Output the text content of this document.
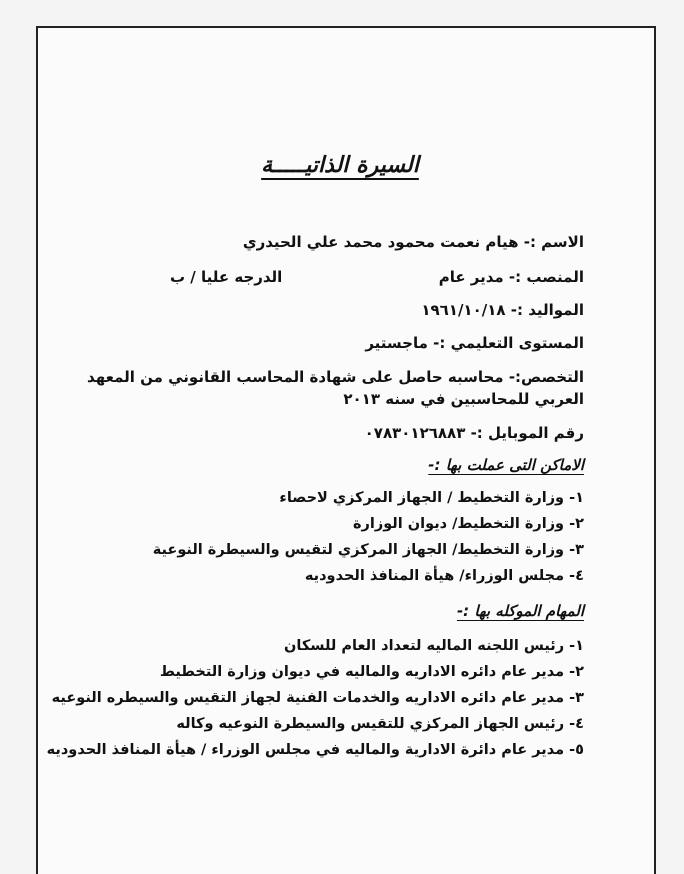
السيرة الذاتيـــــة
الاسم :- هيام نعمت محمود محمد علي الحيدري
المنصب :- مدير عام
الدرجه عليا / ب
المواليد :- ١٩٦١/١٠/١٨
المستوى التعليمي :- ماجستير
التخصص:- محاسبه حاصل على شهادة المحاسب القانوني من المعهد العربي للمحاسبين في سنه ٢٠١٣
رقم الموبايل :- ٠٧٨٣٠١٢٦٨٨٣
الاماكن التى عملت بها :-
١- وزارة التخطيط / الجهاز المركزي لاحصاء
٢- وزارة التخطيط/ ديوان الوزارة
٣- وزارة التخطيط/ الجهاز المركزي لتقيس والسيطرة النوعية
٤- مجلس الوزراء/ هيأة المنافذ الحدوديه
المهام الموكله بها :-
١- رئيس اللجنه الماليه لتعداد العام للسكان
٢- مدير عام دائره الاداريه والماليه في ديوان وزارة التخطيط
٣- مدير عام دائره الاداريه والخدمات الفنية لجهاز التقيس والسيطره النوعيه
٤- رئيس الجهاز المركزي للتقيس والسيطرة النوعيه وكاله
٥- مدير عام دائرة الادارية والماليه في مجلس الوزراء / هيأة المنافذ الحدوديه
